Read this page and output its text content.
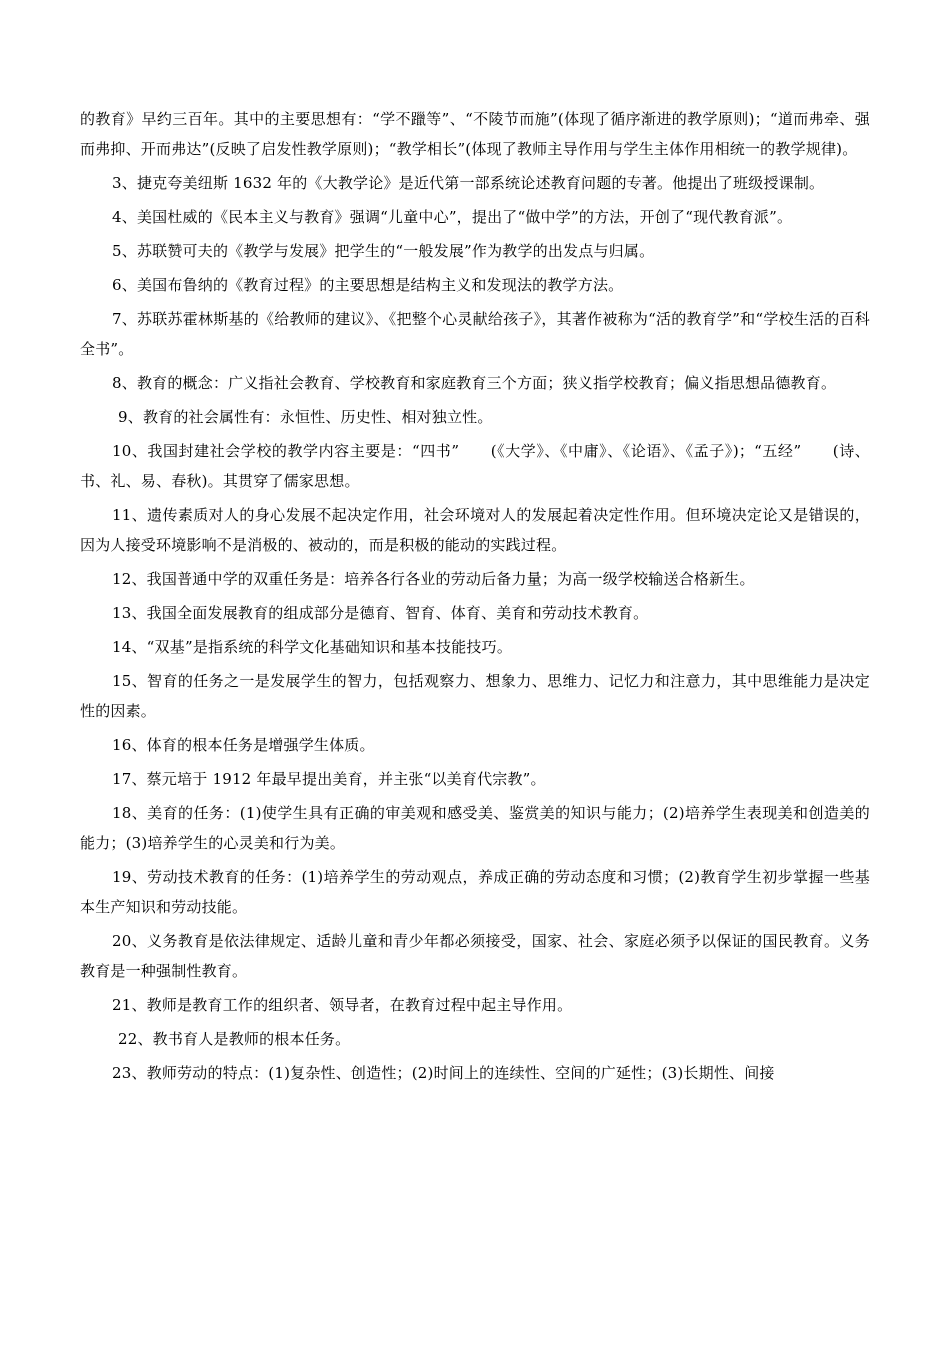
的教育》早约三百年。其中的主要思想有：“学不躐等”、“不陵节而施”(体现了循序渐进的教学原则)；“道而弗牵、强而弗抑、开而弗达”(反映了启发性教学原则)；“教学相长”(体现了教师主导作用与学生主体作用相统一的教学规律)。

3、捷克夸美纽斯 1632 年的《大教学论》是近代第一部系统论述教育问题的专著。他提出了班级授课制。

4、美国杜威的《民本主义与教育》强调“儿童中心”，提出了“做中学”的方法，开创了“现代教育派”。

5、苏联赞可夫的《教学与发展》把学生的“一般发展”作为教学的出发点与归属。

6、美国布鲁纳的《教育过程》的主要思想是结构主义和发现法的教学方法。

7、苏联苏霍林斯基的《给教师的建议》、《把整个心灵献给孩子》，其著作被称为“活的教育学”和“学校生活的百科全书”。

8、教育的概念：广义指社会教育、学校教育和家庭教育三个方面；狭义指学校教育；偏义指思想品德教育。

9、教育的社会属性有：永恒性、历史性、相对独立性。

10、我国封建社会学校的教学内容主要是：“四书”　　(《大学》、《中庸》、《论语》、《孟子》)；“五经”　　(诗、书、礼、易、春秋)。其贯穿了儒家思想。

11、遗传素质对人的身心发展不起决定作用，社会环境对人的发展起着决定性作用。但环境决定论又是错误的，因为人接受环境影响不是消极的、被动的，而是积极的能动的实践过程。

12、我国普通中学的双重任务是：培养各行各业的劳动后备力量；为高一级学校输送合格新生。

13、我国全面发展教育的组成部分是德育、智育、体育、美育和劳动技术教育。

14、“双基”是指系统的科学文化基础知识和基本技能技巧。

15、智育的任务之一是发展学生的智力，包括观察力、想象力、思维力、记忆力和注意力，其中思维能力是决定性的因素。

16、体育的根本任务是增强学生体质。

17、蔡元培于 1912 年最早提出美育，并主张“以美育代宗教”。

18、美育的任务：(1)使学生具有正确的审美观和感受美、鉴赏美的知识与能力；(2)培养学生表现美和创造美的能力；(3)培养学生的心灵美和行为美。

19、劳动技术教育的任务：(1)培养学生的劳动观点，养成正确的劳动态度和习惯；(2)教育学生初步掌握一些基本生产知识和劳动技能。

20、义务教育是依法律规定、适龄儿童和青少年都必须接受，国家、社会、家庭必须予以保证的国民教育。义务教育是一种强制性教育。

21、教师是教育工作的组织者、领导者，在教育过程中起主导作用。

22、教书育人是教师的根本任务。

23、教师劳动的特点：(1)复杂性、创造性；(2)时间上的连续性、空间的广延性；(3)长期性、间接
